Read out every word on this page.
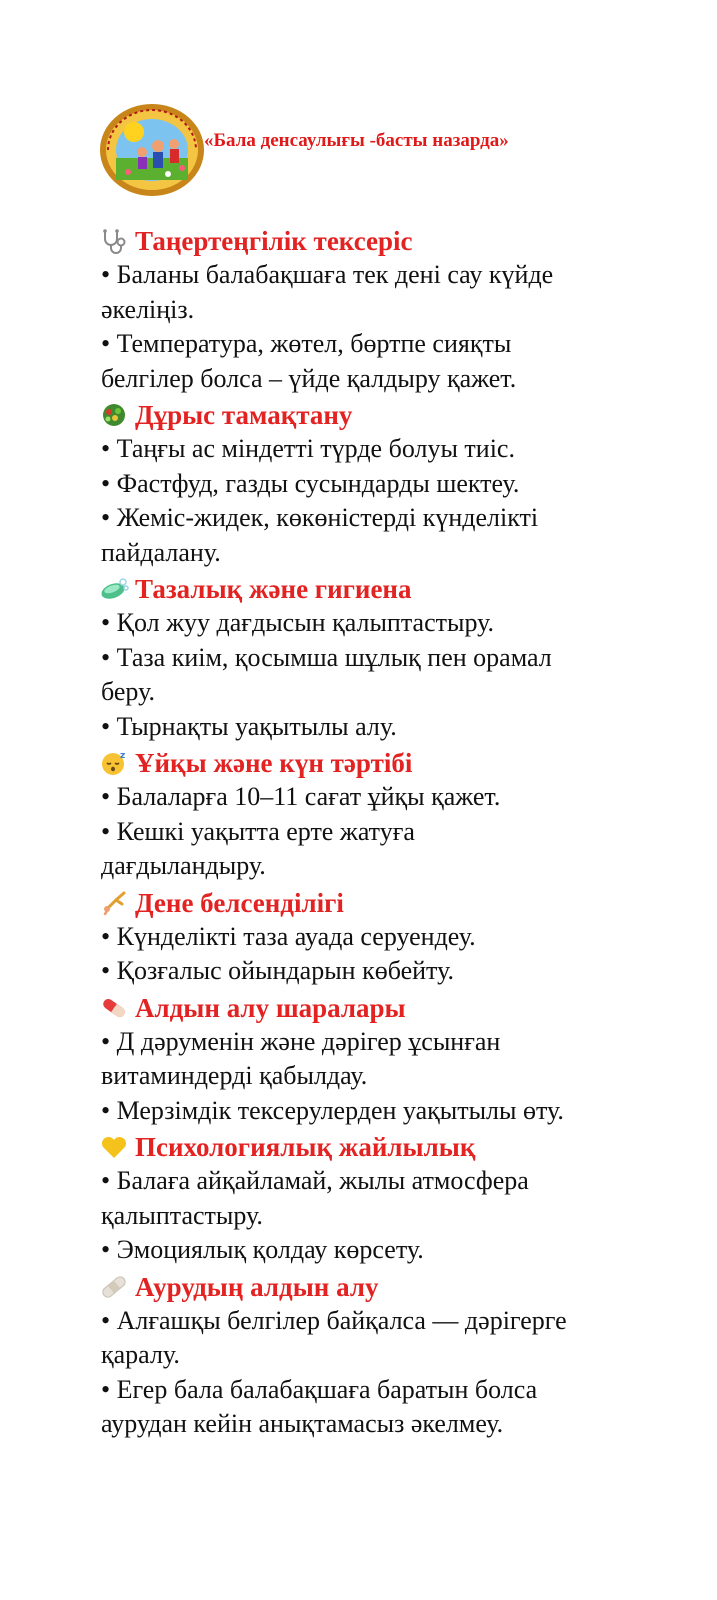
«Бала денсаулығы -басты назарда»
Таңертеңгілік тексеріс

• Баланы балабақшаға тек дені сау күйде

әкеліңіз.

• Температура, жөтел, бөртпе сияқты

белгілер болса – үйде қалдыру қажет.

Дұрыс тамақтану

• Таңғы ас міндетті түрде болуы тиіс.

• Фастфуд, газды сусындарды шектеу.

• Жеміс-жидек, көкөністерді күнделікті

пайдалану.

Тазалық және гигиена

• Қол жуу дағдысын қалыптастыру.

• Таза киім, қосымша шұлық пен орамал

беру.

• Тырнақты уақытылы алу.

z Ұйқы және күн тәртібі

• Балаларға 10–11 сағат ұйқы қажет.

• Кешкі уақытта ерте жатуға

дағдыландыру.

Дене белсенділігі

• Күнделікті таза ауада серуендеу.

• Қозғалыс ойындарын көбейту.

Алдын алу шаралары

• Д дәруменін және дәрігер ұсынған

витаминдерді қабылдау.

• Мерзімдік тексерулерден уақытылы өту.

Психологиялық жайлылық

• Балаға айқайламай, жылы атмосфера

қалыптастыру.

• Эмоциялық қолдау көрсету.

Аурудың алдын алу

• Алғашқы белгілер байқалса — дәрігерге

қаралу.

• Егер бала балабақшаға баратын болса

аурудан кейін анықтамасыз әкелмеу.
